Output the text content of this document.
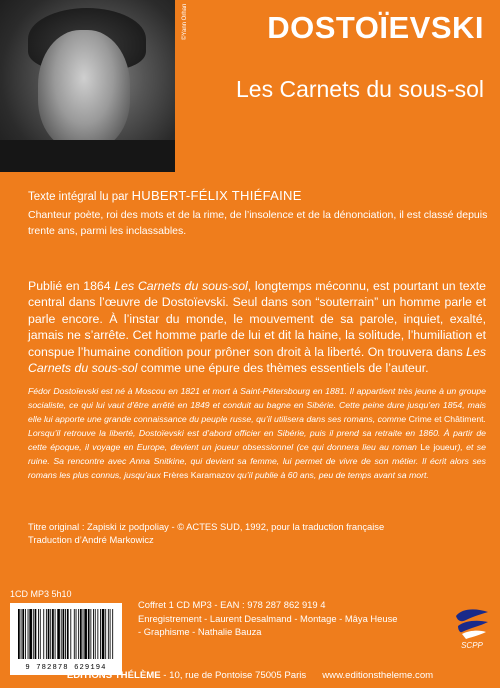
©Yann Orhan	DOSTOÏEVSKI
Les Carnets du sous-sol
Texte intégral lu par HUBERT-FÉLIX THIÉFAINE
Chanteur poète, roi des mots et de la rime, de l’insolence et de la dénonciation, il est classé depuis trente ans, parmi les inclassables.
Publié en 1864 Les Carnets du sous-sol, longtemps méconnu, est pourtant un texte central dans l’œuvre de Dostoïevski. Seul dans son “souterrain” un homme parle et parle encore. À l’instar du monde, le mouvement de sa parole, inquiet, exalté, jamais ne s’arrête. Cet homme parle de lui et dit la haine, la solitude, l’humiliation et conspue l’humaine condition pour prôner son droit à la liberté. On trouvera dans Les Carnets du sous-sol comme une épure des thèmes essentiels de l’auteur.
Fédor Dostoïevski est né à Moscou en 1821 et mort à Saint-Pétersbourg en 1881. Il appartient très jeune à un groupe socialiste, ce qui lui vaut d’être arrêté en 1849 et conduit au bagne en Sibérie. Cette peine dure jusqu’en 1854, mais elle lui apporte une grande connaissance du peuple russe, qu’il utilisera dans ses romans, comme Crime et Châtiment. Lorsqu’il retrouve la liberté, Dostoïevski est d’abord officier en Sibérie, puis il prend sa retraite en 1860. À partir de cette époque, il voyage en Europe, devient un joueur obsessionnel (ce qui donnera lieu au roman Le joueur), et se ruine. Sa rencontre avec Anna Snitkine, qui devient sa femme, lui permet de vivre de son métier. Il écrit alors ses romans les plus connus, jusqu’aux Frères Karamazov qu’il publie à 60 ans, peu de temps avant sa mort.
Titre original : Zapiski iz podpoliay - © ACTES SUD, 1992, pour la traduction française
Traduction d’André Markowicz
1CD MP3 5h10
9 782878 629194
Coffret 1 CD MP3 - EAN : 978 287 862 919 4
Enregistrement - Laurent Desalmand - Montage - Mâya Heuse
- Graphisme - Nathalie Bauza
SCPP
ÉDITIONS THÉLÈME - 10, rue de Pontoise 75005 Paris www.editionstheleme.com
